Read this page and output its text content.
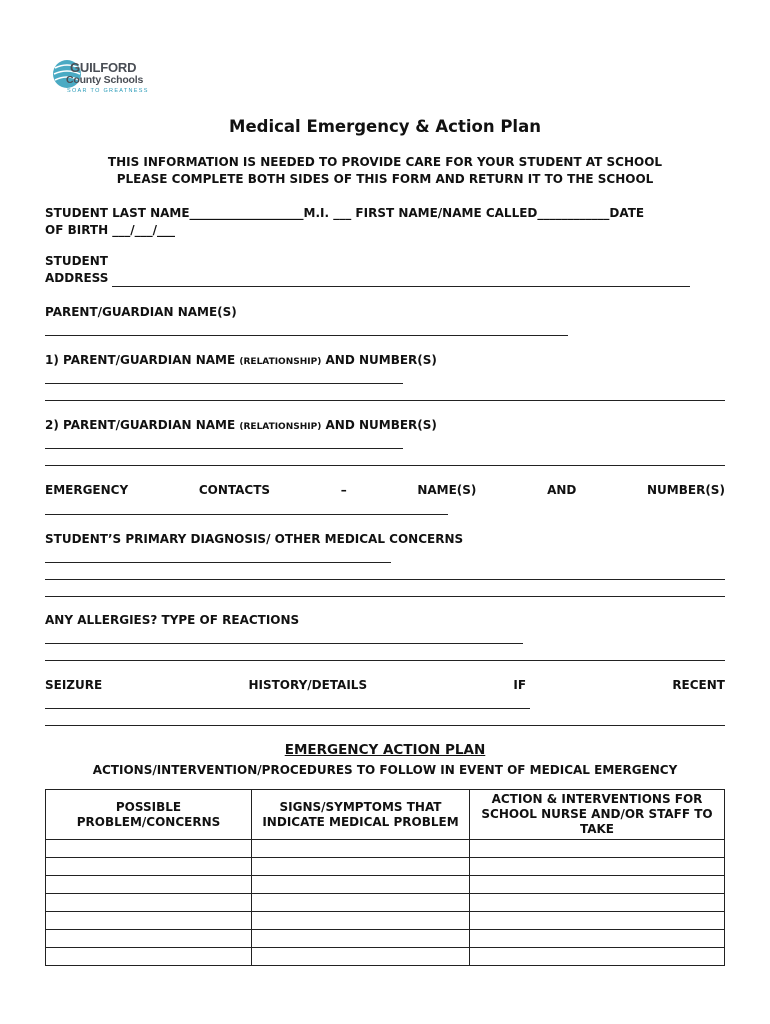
GUILFORD
County Schools
SOAR TO GREATNESS
Medical Emergency & Action Plan
THIS INFORMATION IS NEEDED TO PROVIDE CARE FOR YOUR STUDENT AT SCHOOL
PLEASE COMPLETE BOTH SIDES OF THIS FORM AND RETURN IT TO THE SCHOOL
STUDENT LAST NAME___________________M.I. ___ FIRST NAME/NAME CALLED____________DATE
OF BIRTH ___/___/___
STUDENT
ADDRESS
PARENT/GUARDIAN NAME(S)
1) PARENT/GUARDIAN NAME (RELATIONSHIP) AND NUMBER(S)
2) PARENT/GUARDIAN NAME (RELATIONSHIP) AND NUMBER(S)
EMERGENCY	CONTACTS	–	NAME(S)	AND	NUMBER(S)
STUDENT’S PRIMARY DIAGNOSIS/ OTHER MEDICAL CONCERNS
ANY ALLERGIES? TYPE OF REACTIONS
SEIZURE	HISTORY/DETAILS	IF	RECENT
EMERGENCY ACTION PLAN
ACTIONS/INTERVENTION/PROCEDURES TO FOLLOW IN EVENT OF MEDICAL EMERGENCY
POSSIBLE PROBLEM/CONCERNS	SIGNS/SYMPTOMS THAT INDICATE MEDICAL PROBLEM	ACTION & INTERVENTIONS FOR SCHOOL NURSE AND/OR STAFF TO TAKE
